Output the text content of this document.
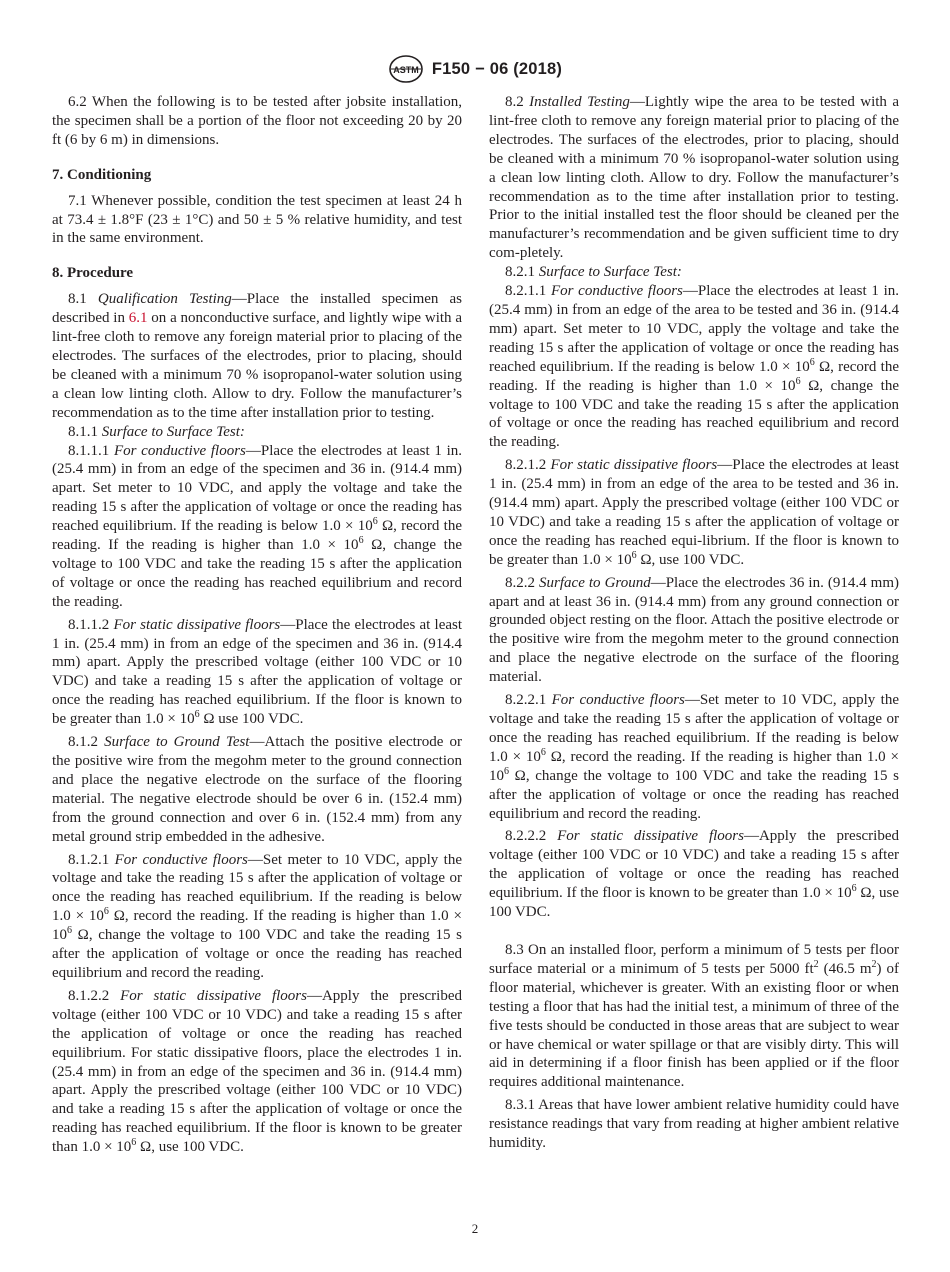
ASTM F150 − 06 (2018)

6.2 When the following is to be tested after jobsite installation, the specimen shall be a portion of the floor not exceeding 20 by 20 ft (6 by 6 m) in dimensions.

7. Conditioning

7.1 Whenever possible, condition the test specimen at least 24 h at 73.4 ± 1.8°F (23 ± 1°C) and 50 ± 5 % relative humidity, and test in the same environment.

8. Procedure

8.1 Qualification Testing—Place the installed specimen as described in 6.1 on a nonconductive surface, and lightly wipe with a lint-free cloth to remove any foreign material prior to placing of the electrodes. The surfaces of the electrodes, prior to placing, should be cleaned with a minimum 70 % isopropanol-water solution using a clean low linting cloth. Allow to dry. Follow the manufacturer’s recommendation as to the time after installation prior to testing.

8.1.1 Surface to Surface Test:

8.1.1.1 For conductive floors—Place the electrodes at least 1 in. (25.4 mm) in from an edge of the specimen and 36 in. (914.4 mm) apart. Set meter to 10 VDC, and apply the voltage and take the reading 15 s after the application of voltage or once the reading has reached equilibrium. If the reading is below $1.0 \times 10^6$ Ω, record the reading. If the reading is higher than $1.0 \times 10^6$ Ω, change the voltage to 100 VDC and take the reading 15 s after the application of voltage or once the reading has reached equilibrium and record the reading.

8.1.1.2 For static dissipative floors—Place the electrodes at least 1 in. (25.4 mm) in from an edge of the specimen and 36 in. (914.4 mm) apart. Apply the prescribed voltage (either 100 VDC or 10 VDC) and take a reading 15 s after the application of voltage or once the reading has reached equilibrium. If the floor is known to be greater than $1.0 \times 10^6$ Ω use 100 VDC.

8.1.2 Surface to Ground Test—Attach the positive electrode or the positive wire from the megohm meter to the ground connection and place the negative electrode on the surface of the flooring material. The negative electrode should be over 6 in. (152.4 mm) from the ground connection and over 6 in. (152.4 mm) from any metal ground strip embedded in the adhesive.

8.1.2.1 For conductive floors—Set meter to 10 VDC, apply the voltage and take the reading 15 s after the application of voltage or once the reading has reached equilibrium. If the reading is below $1.0 \times 10^6$ Ω, record the reading. If the reading is higher than $1.0 \times 10^6$ Ω, change the voltage to 100 VDC and take the reading 15 s after the application of voltage or once the reading has reached equilibrium and record the reading.

8.1.2.2 For static dissipative floors—Apply the prescribed voltage (either 100 VDC or 10 VDC) and take a reading 15 s after the application of voltage or once the reading has reached equilibrium. For static dissipative floors, place the electrodes 1 in. (25.4 mm) in from an edge of the specimen and 36 in. (914.4 mm) apart. Apply the prescribed voltage (either 100 VDC or 10 VDC) and take a reading 15 s after the application of voltage or once the reading has reached equilibrium. If the floor is known to be greater than $1.0 \times 10^6$ Ω, use 100 VDC.

8.2 Installed Testing—Lightly wipe the area to be tested with a lint-free cloth to remove any foreign material prior to placing of the electrodes. The surfaces of the electrodes, prior to placing, should be cleaned with a minimum 70 % isopropanol-water solution using a clean low linting cloth. Allow to dry. Follow the manufacturer’s recommendation as to the time after installation prior to testing. Prior to the initial installed test the floor should be cleaned per the manufacturer’s recommendation and be given sufficient time to dry com-pletely.

8.2.1 Surface to Surface Test:

8.2.1.1 For conductive floors—Place the electrodes at least 1 in. (25.4 mm) in from an edge of the area to be tested and 36 in. (914.4 mm) apart. Set meter to 10 VDC, apply the voltage and take the reading 15 s after the application of voltage or once the reading has reached equilibrium. If the reading is below $1.0 \times 10^6$ Ω, record the reading. If the reading is higher than $1.0 \times 10^6$ Ω, change the voltage to 100 VDC and take the reading 15 s after the application of voltage or once the reading has reached equilibrium and record the reading.

8.2.1.2 For static dissipative floors—Place the electrodes at least 1 in. (25.4 mm) in from an edge of the area to be tested and 36 in. (914.4 mm) apart. Apply the prescribed voltage (either 100 VDC or 10 VDC) and take a reading 15 s after the application of voltage or once the reading has reached equi-librium. If the floor is known to be greater than $1.0 \times 10^6$ Ω, use 100 VDC.

8.2.2 Surface to Ground—Place the electrodes 36 in. (914.4 mm) apart and at least 36 in. (914.4 mm) from any ground connection or grounded object resting on the floor. Attach the positive electrode or the positive wire from the megohm meter to the ground connection and place the negative electrode on the surface of the flooring material.

8.2.2.1 For conductive floors—Set meter to 10 VDC, apply the voltage and take the reading 15 s after the application of voltage or once the reading has reached equilibrium. If the reading is below $1.0 \times 10^6$ Ω, record the reading. If the reading is higher than $1.0 \times 10^6$ Ω, change the voltage to 100 VDC and take the reading 15 s after the application of voltage or once the reading has reached equilibrium and record the reading.

8.2.2.2 For static dissipative floors—Apply the prescribed voltage (either 100 VDC or 10 VDC) and take a reading 15 s after the application of voltage or once the reading has reached equilibrium. If the floor is known to be greater than $1.0 \times 10^6$ Ω, use 100 VDC.

8.3 On an installed floor, perform a minimum of 5 tests per floor surface material or a minimum of 5 tests per 5000 $ft^2$ (46.5 $m^2$) of floor material, whichever is greater. With an existing floor or when testing a floor that has had the initial test, a minimum of three of the five tests should be conducted in those areas that are subject to wear or have chemical or water spillage or that are visibly dirty. This will aid in determining if a floor finish has been applied or if the floor requires additional maintenance.

8.3.1 Areas that have lower ambient relative humidity could have resistance readings that vary from reading at higher ambient relative humidity.

2
